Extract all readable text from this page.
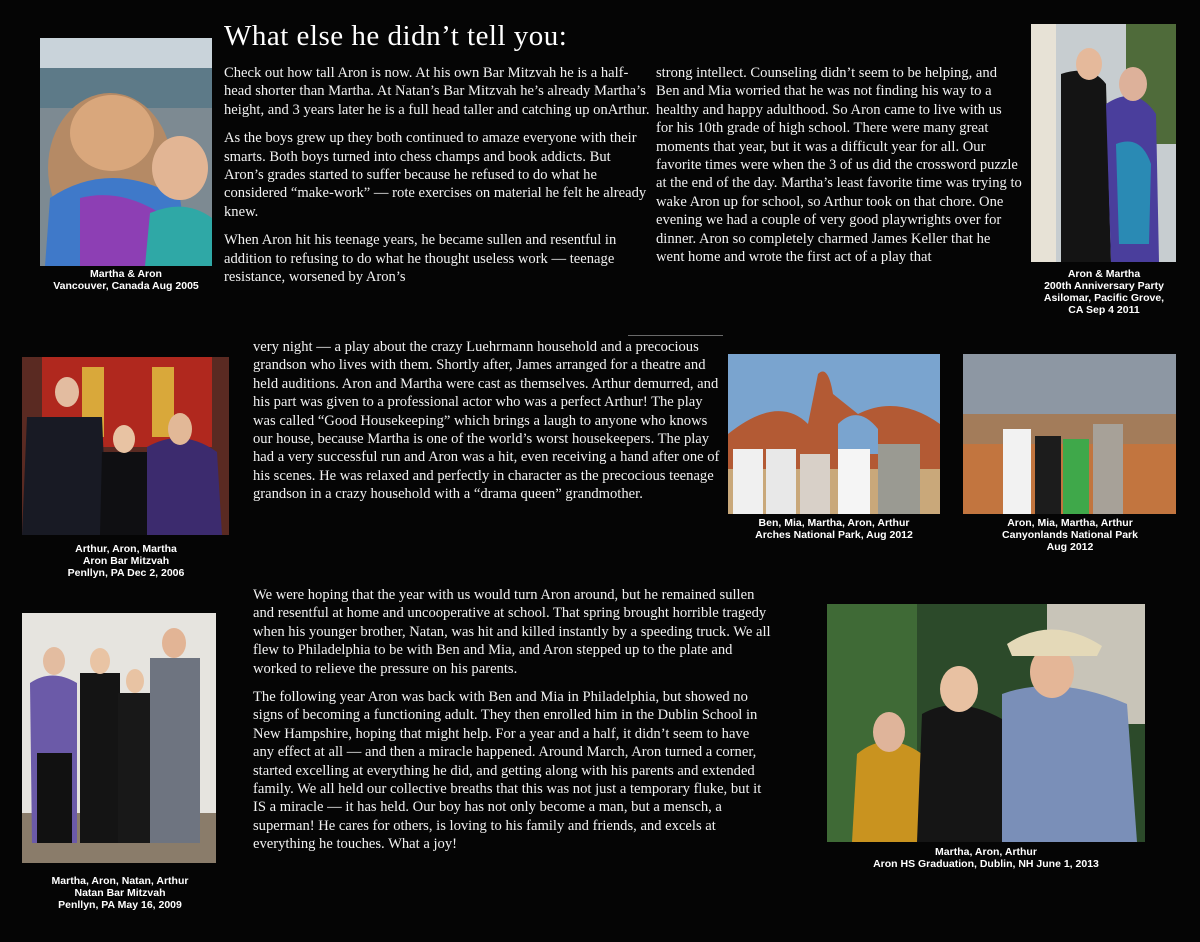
What else he didn’t tell you:

Check out how tall Aron is now. At his own Bar Mitzvah he is a half-head shorter than Martha. At Natan’s Bar Mitzvah he’s already Martha’s height, and 3 years later he is a full head taller and catching up onArthur.

As the boys grew up they both continued to amaze everyone with their smarts. Both boys turned into chess champs and book addicts. But Aron’s grades started to suffer because he refused to do what he considered “make-work” — rote exercises on material he felt he already knew.

When Aron hit his teenage years, he became sullen and resentful in addition to refusing to do what he thought useless work — teenage resistance, worsened by Aron’s

strong intellect. Counseling didn’t seem to be helping, and Ben and Mia worried that he was not finding his way to a healthy and happy adulthood. So Aron came to live with us for his 10th grade of high school. There were many great moments that year, but it was a difficult year for all. Our favorite times were when the 3 of us did the crossword puzzle at the end of the day. Martha’s least favorite time was trying to wake Aron up for school, so Arthur took on that chore. One evening we had a couple of very good playwrights over for dinner. Aron so completely charmed James Keller that he went home and wrote the first act of a play that

very night — a play about the crazy Luehrmann household and a precocious grandson who lives with them. Shortly after, James arranged for a theatre and held auditions. Aron and Martha were cast as themselves. Arthur demurred, and his part was given to a professional actor who was a perfect Arthur! The play was called “Good Housekeeping” which brings a laugh to anyone who knows our house, because Martha is one of the world’s worst housekeepers. The play had a very successful run and Aron was a hit, even receiving a hand after one of his scenes. He was relaxed and perfectly in character as the precocious teenage grandson in a crazy household with a “drama queen” grandmother.

We were hoping that the year with us would turn Aron around, but he remained sullen and resentful at home and uncooperative at school. That spring brought horrible tragedy when his younger brother, Natan, was hit and killed instantly by a speeding truck. We all flew to Philadelphia to be with Ben and Mia, and Aron stepped up to the plate and worked to relieve the pressure on his parents.

The following year Aron was back with Ben and Mia in Philadelphia, but showed no signs of becoming a functioning adult. They then enrolled him in the Dublin School in New Hampshire, hoping that might help. For a year and a half, it didn’t seem to have any effect at all — and then a miracle happened. Around March, Aron turned a corner, started excelling at everything he did, and getting along with his parents and extended family. We all held our collective breaths that this was not just a temporary fluke, but it IS a miracle — it has held. Our boy has not only become a man, but a mensch, a superman! He cares for others, is loving to his family and friends, and excels at everything he touches. What a joy!

Martha & Aron
Vancouver, Canada Aug 2005
Aron & Martha
200th Anniversary Party
Asilomar, Pacific Grove,
CA Sep 4 2011
Arthur, Aron, Martha
Aron Bar Mitzvah
Penllyn, PA Dec 2, 2006
Ben, Mia, Martha, Aron, Arthur
Arches National Park, Aug 2012
Aron, Mia, Martha, Arthur
Canyonlands National Park
Aug 2012
Martha, Aron, Natan, Arthur
Natan Bar Mitzvah
Penllyn, PA May 16, 2009
Martha, Aron, Arthur
Aron HS Graduation, Dublin, NH June 1, 2013
